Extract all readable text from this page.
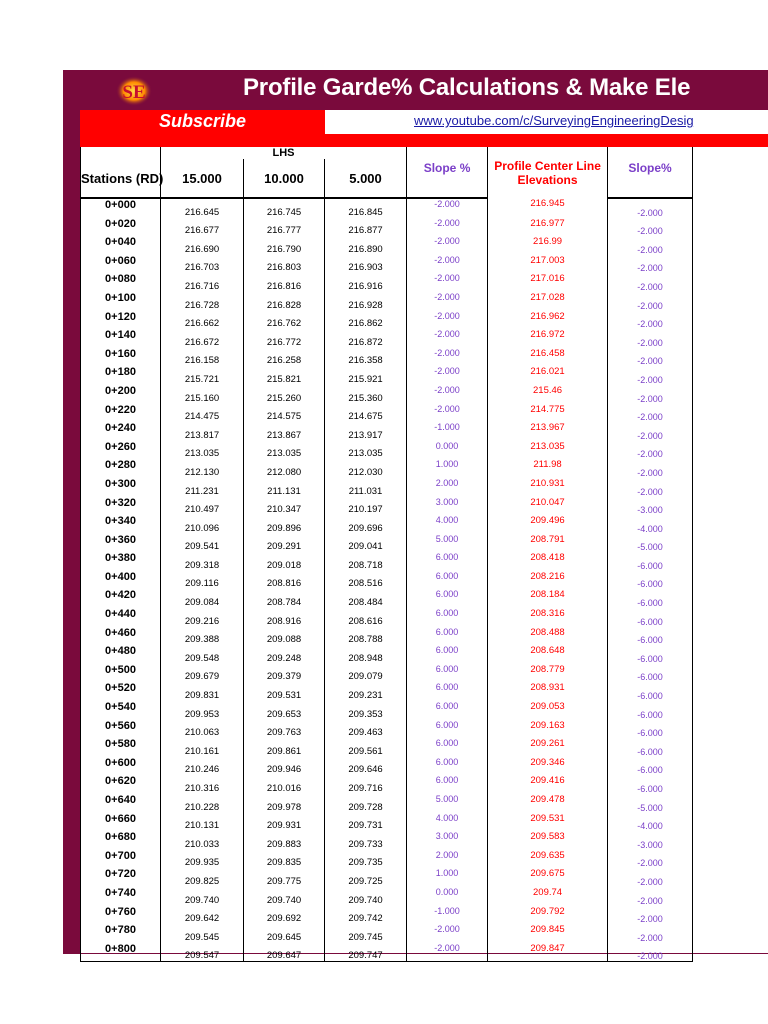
SE	Profile Garde% Calculations & Make Ele
Subscribe	www.youtube.com/c/SurveyingEngineeringDesig
	LHS				Profile Center Line Elevations	
Stations (RD)	15.000	10.000	5.000	Slope %		Slope%
0+000	216.645	216.745	216.845	-2.000	216.945	-2.000
0+020	216.677	216.777	216.877	-2.000	216.977	-2.000
0+040	216.690	216.790	216.890	-2.000	216.99	-2.000
0+060	216.703	216.803	216.903	-2.000	217.003	-2.000
0+080	216.716	216.816	216.916	-2.000	217.016	-2.000
0+100	216.728	216.828	216.928	-2.000	217.028	-2.000
0+120	216.662	216.762	216.862	-2.000	216.962	-2.000
0+140	216.672	216.772	216.872	-2.000	216.972	-2.000
0+160	216.158	216.258	216.358	-2.000	216.458	-2.000
0+180	215.721	215.821	215.921	-2.000	216.021	-2.000
0+200	215.160	215.260	215.360	-2.000	215.46	-2.000
0+220	214.475	214.575	214.675	-2.000	214.775	-2.000
0+240	213.817	213.867	213.917	-1.000	213.967	-2.000
0+260	213.035	213.035	213.035	0.000	213.035	-2.000
0+280	212.130	212.080	212.030	1.000	211.98	-2.000
0+300	211.231	211.131	211.031	2.000	210.931	-2.000
0+320	210.497	210.347	210.197	3.000	210.047	-3.000
0+340	210.096	209.896	209.696	4.000	209.496	-4.000
0+360	209.541	209.291	209.041	5.000	208.791	-5.000
0+380	209.318	209.018	208.718	6.000	208.418	-6.000
0+400	209.116	208.816	208.516	6.000	208.216	-6.000
0+420	209.084	208.784	208.484	6.000	208.184	-6.000
0+440	209.216	208.916	208.616	6.000	208.316	-6.000
0+460	209.388	209.088	208.788	6.000	208.488	-6.000
0+480	209.548	209.248	208.948	6.000	208.648	-6.000
0+500	209.679	209.379	209.079	6.000	208.779	-6.000
0+520	209.831	209.531	209.231	6.000	208.931	-6.000
0+540	209.953	209.653	209.353	6.000	209.053	-6.000
0+560	210.063	209.763	209.463	6.000	209.163	-6.000
0+580	210.161	209.861	209.561	6.000	209.261	-6.000
0+600	210.246	209.946	209.646	6.000	209.346	-6.000
0+620	210.316	210.016	209.716	6.000	209.416	-6.000
0+640	210.228	209.978	209.728	5.000	209.478	-5.000
0+660	210.131	209.931	209.731	4.000	209.531	-4.000
0+680	210.033	209.883	209.733	3.000	209.583	-3.000
0+700	209.935	209.835	209.735	2.000	209.635	-2.000
0+720	209.825	209.775	209.725	1.000	209.675	-2.000
0+740	209.740	209.740	209.740	0.000	209.74	-2.000
0+760	209.642	209.692	209.742	-1.000	209.792	-2.000
0+780	209.545	209.645	209.745	-2.000	209.845	-2.000
0+800	209.547	209.647	209.747	-2.000	209.847	-2.000
